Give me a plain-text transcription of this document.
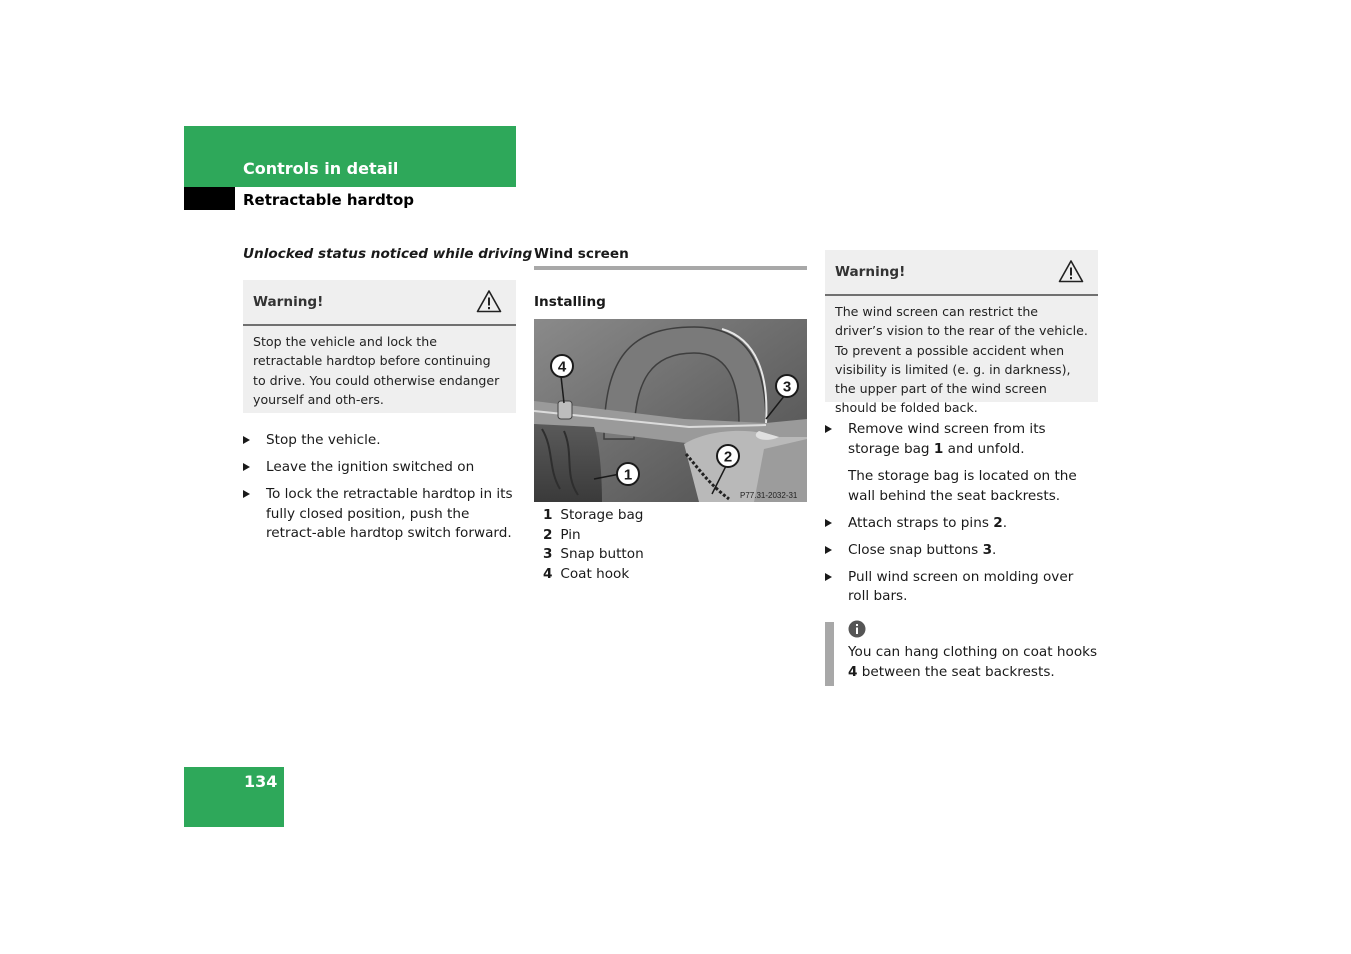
Controls in detail
Retractable hardtop
Unlocked status noticed while driving
Warning!
Stop the vehicle and lock the retractable hardtop before continuing to drive. You could otherwise endanger yourself and oth-ers.
Stop the vehicle.
Leave the ignition switched on
To lock the retractable hardtop in its fully closed position, push the retract-able hardtop switch forward.
Wind screen
Installing
4
3
2
1
P77.31-2032-31
1 Storage bag
2 Pin
3 Snap button
4 Coat hook
Warning!
The wind screen can restrict the driver’s vision to the rear of the vehicle. To prevent a possible accident when visibility is limited (e. g. in darkness), the upper part of the wind screen should be folded back.
Remove wind screen from its storage bag 1 and unfold.
The storage bag is located on the wall behind the seat backrests.
Attach straps to pins 2.
Close snap buttons 3.
Pull wind screen on molding over roll bars.
You can hang clothing on coat hooks 4 between the seat backrests.
134
